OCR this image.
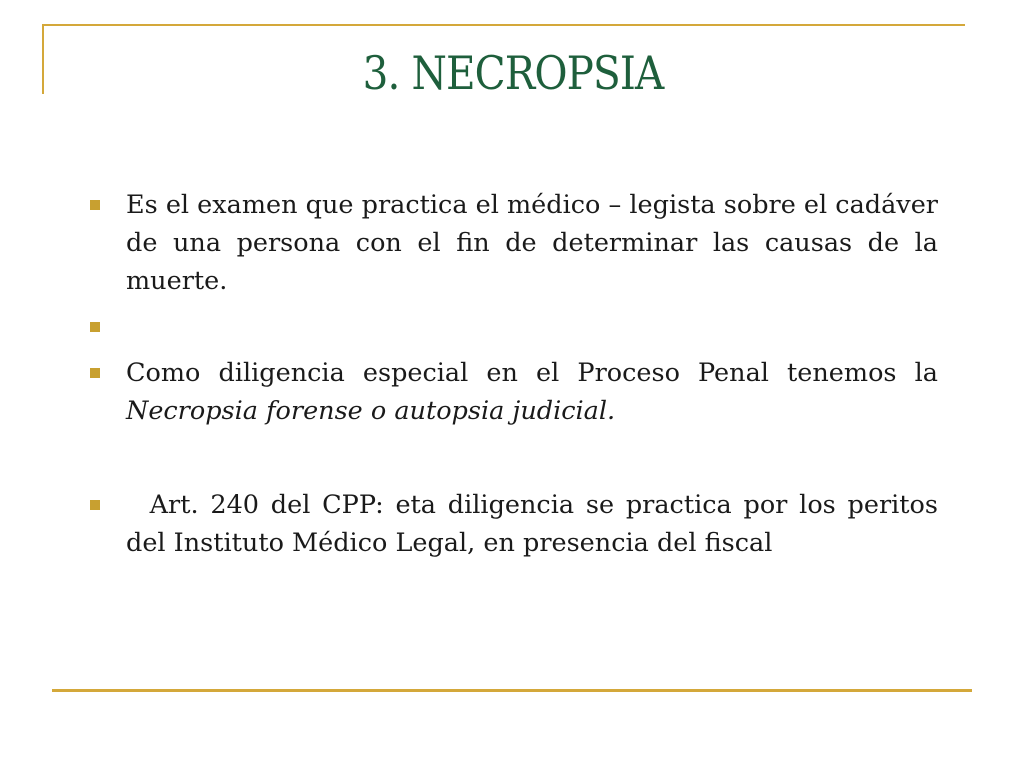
3. NECROPSIA
Es el examen que practica el médico – legista sobre el cadáver de una persona con el fin de determinar las causas de la muerte.
Como diligencia especial en el Proceso Penal tenemos la Necropsia forense o autopsia judicial.
Art. 240 del CPP: eta diligencia se practica por los peritos del Instituto Médico Legal, en presencia del fiscal
